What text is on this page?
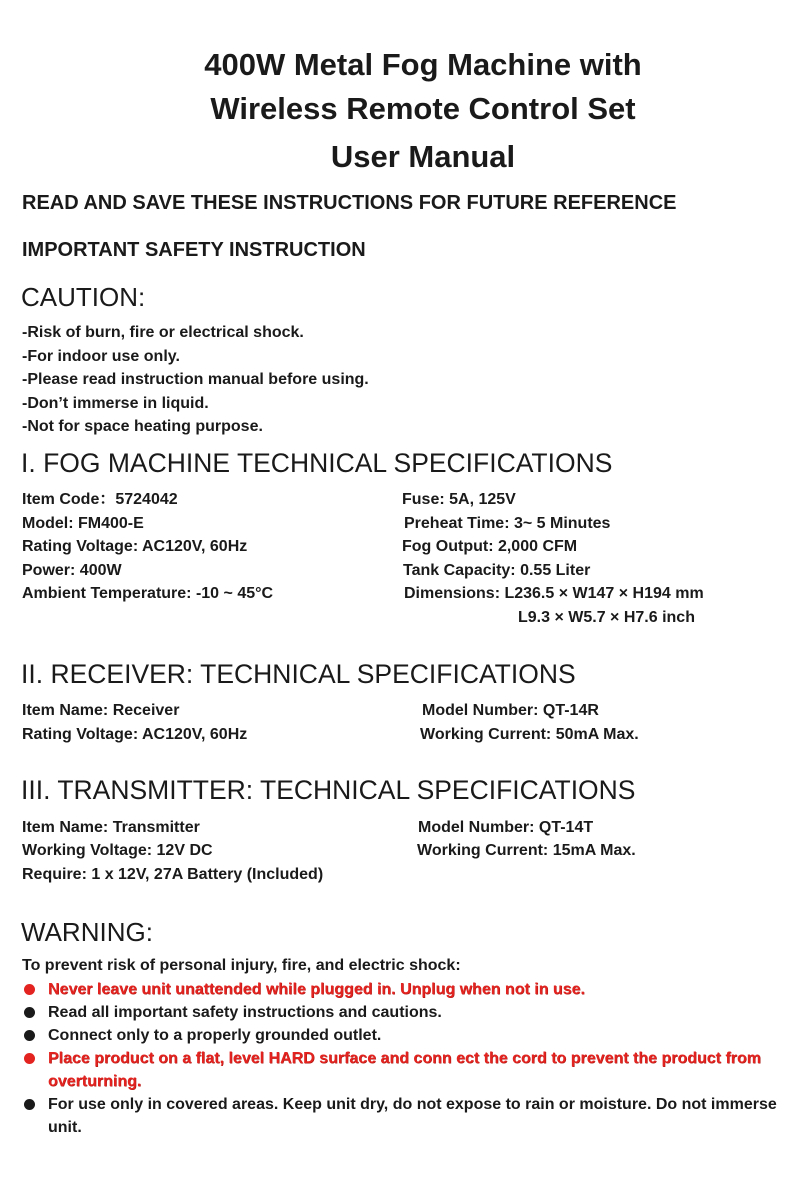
400W Metal Fog Machine with
Wireless Remote Control Set
User Manual
READ AND SAVE THESE INSTRUCTIONS FOR FUTURE REFERENCE
IMPORTANT SAFETY INSTRUCTION
CAUTION:
-Risk of burn, fire or electrical shock.
-For indoor use only.
-Please read instruction manual before using.
-Don’t immerse in liquid.
-Not for space heating purpose.
I. FOG MACHINE TECHNICAL SPECIFICATIONS
Item Code：5724042
Model: FM400-E
Rating Voltage: AC120V, 60Hz
Power: 400W
Ambient Temperature: -10 ~ 45°C
Fuse: 5A, 125V
Preheat Time: 3~ 5 Minutes
Fog Output: 2,000 CFM
Tank Capacity: 0.55 Liter
Dimensions: L236.5 × W147 × H194 mm
L9.3 × W5.7 × H7.6 inch
II. RECEIVER: TECHNICAL SPECIFICATIONS
Item Name: Receiver
Rating Voltage: AC120V, 60Hz
Model Number: QT-14R
Working Current: 50mA Max.
III. TRANSMITTER: TECHNICAL SPECIFICATIONS
Item Name: Transmitter
Working Voltage: 12V DC
Require: 1 x 12V, 27A Battery (Included)
Model Number: QT-14T
Working Current: 15mA Max.
WARNING:
To prevent risk of personal injury, fire, and electric shock:
Never leave unit unattended while plugged in. Unplug when not in use.
Read all important safety instructions and cautions.
Connect only to a properly grounded outlet.
Place product on a flat, level HARD surface and conn ect the cord to prevent the product from overturning.
For use only in covered areas. Keep unit dry, do not expose to rain or moisture. Do not immerse unit.
